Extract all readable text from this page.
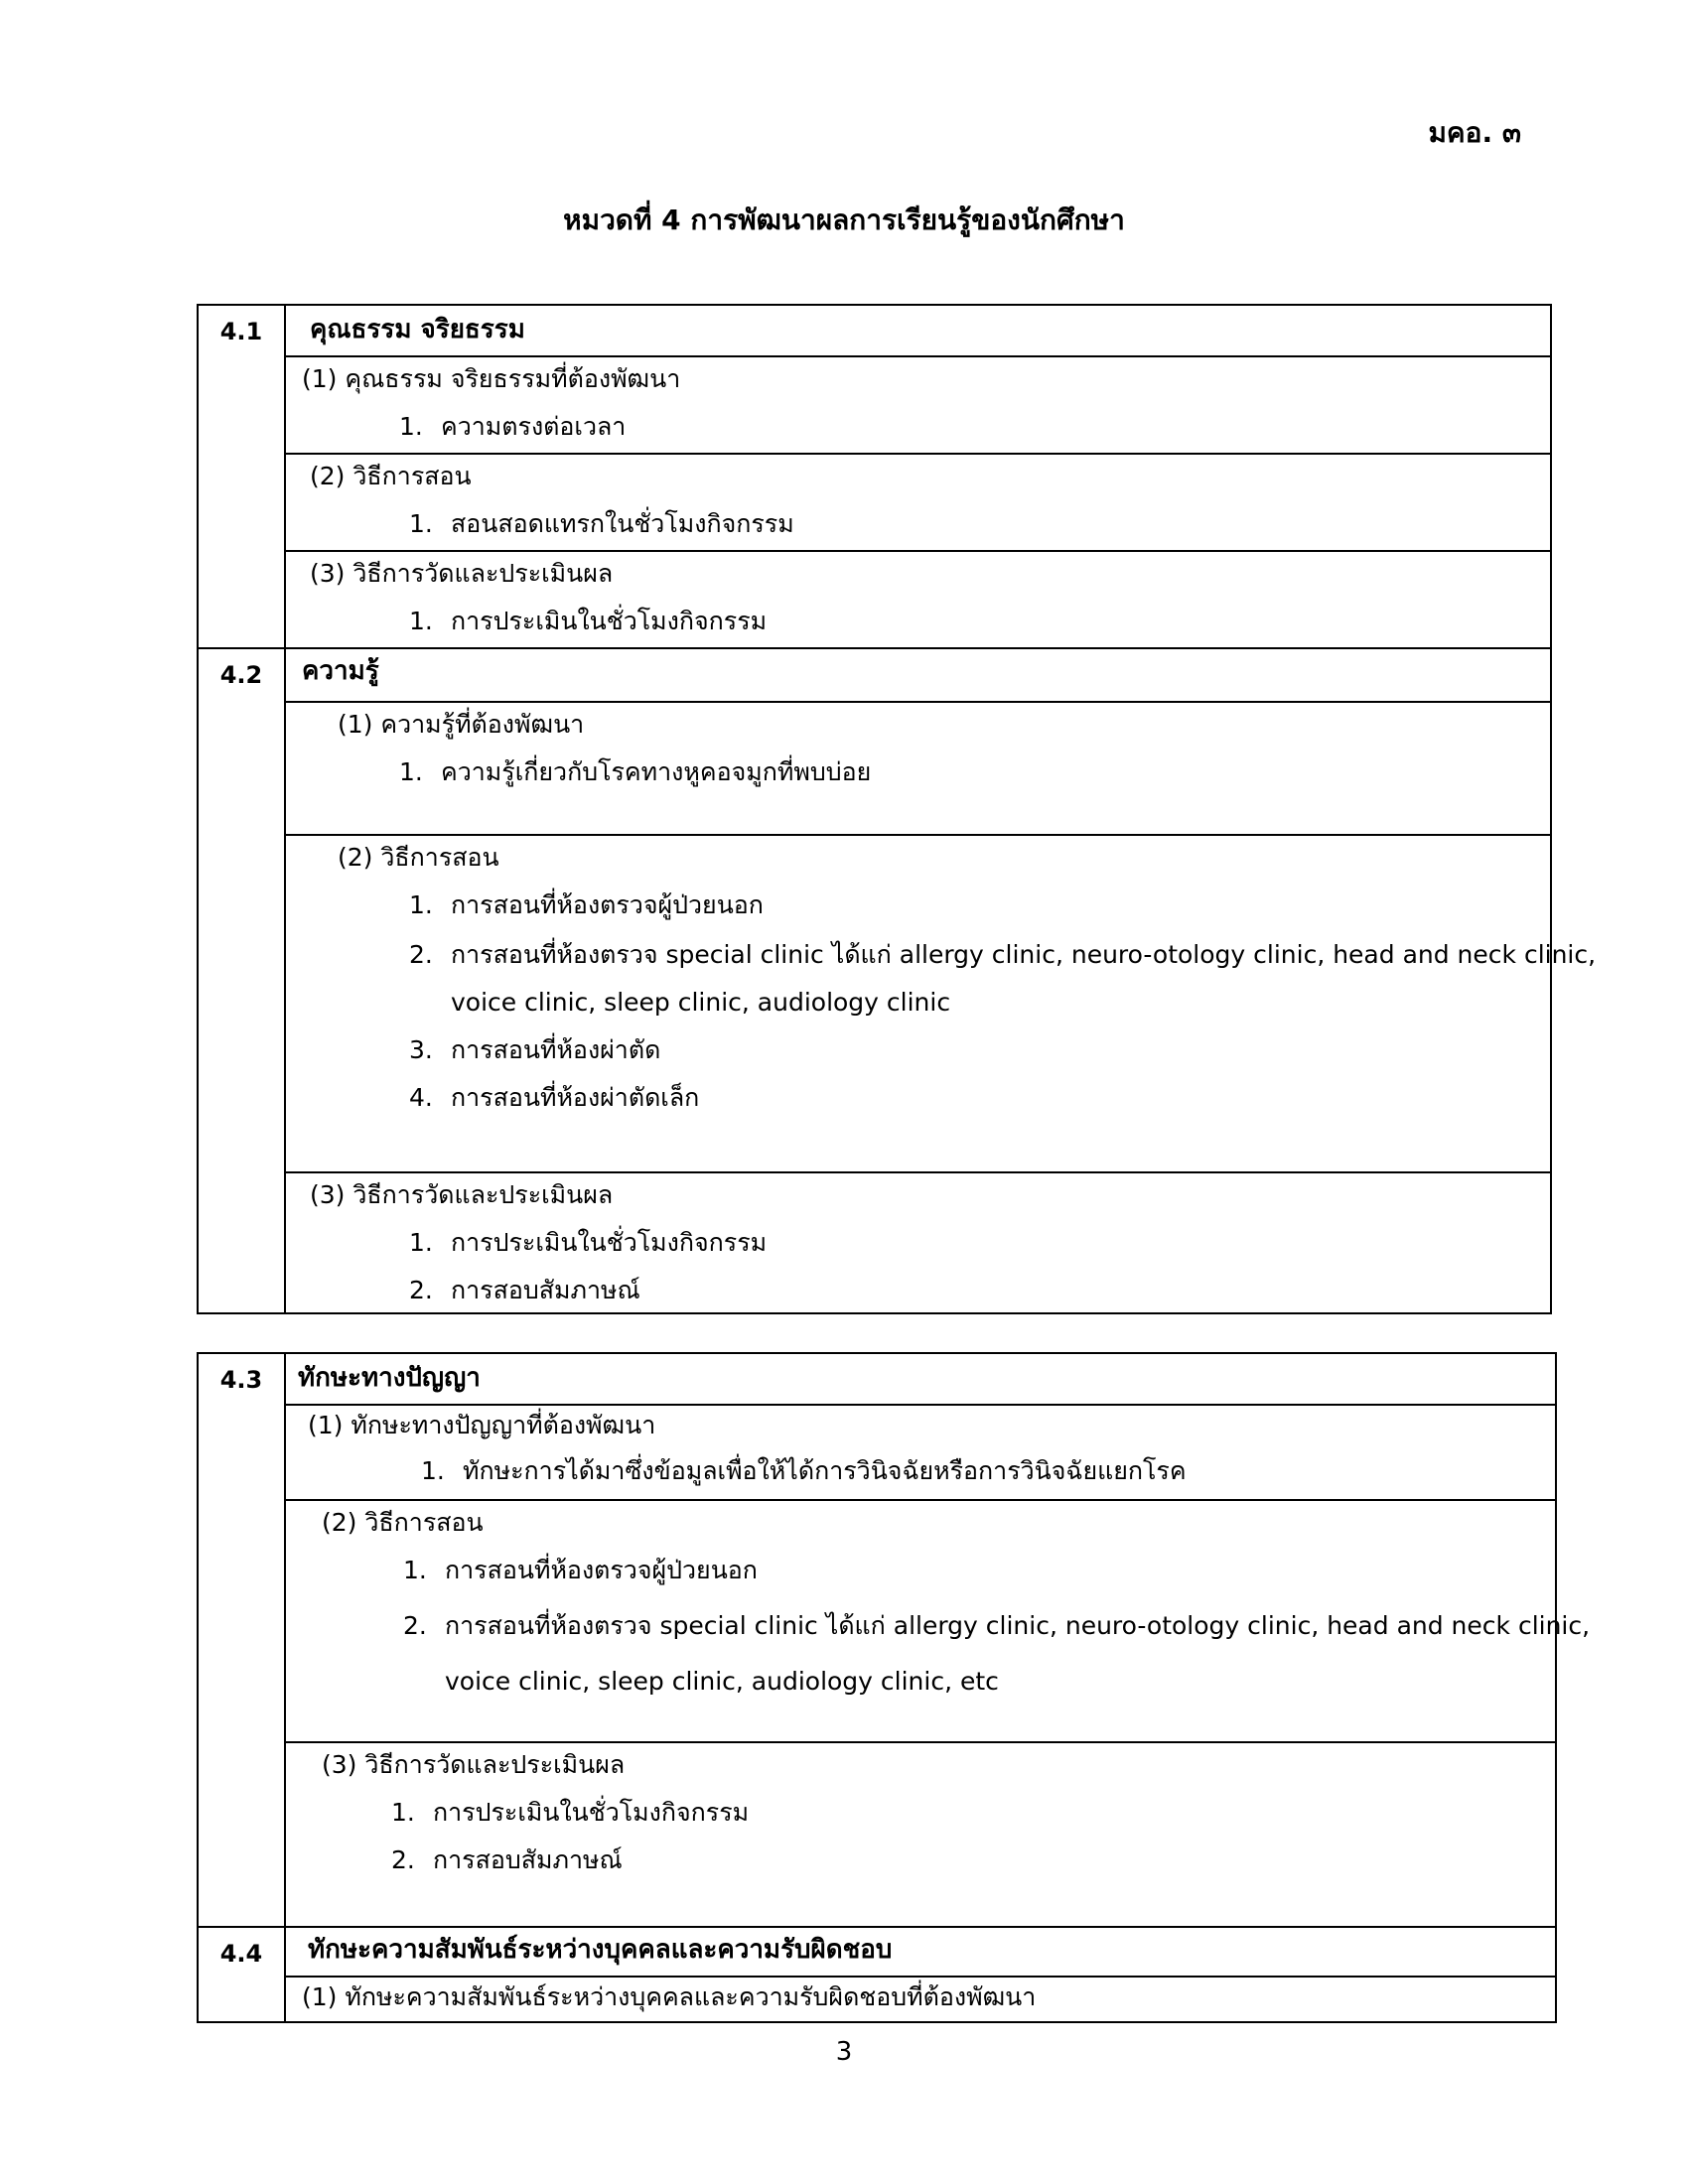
มคอ. ๓
หมวดที่ 4 การพัฒนาผลการเรียนรู้ของนักศึกษา
4.1	คุณธรรม จริยธรรม
(1) คุณธรรม จริยธรรมที่ต้องพัฒนา
1. ความตรงต่อเวลา
(2) วิธีการสอน
1. สอนสอดแทรกในชั่วโมงกิจกรรม
(3) วิธีการวัดและประเมินผล
1. การประเมินในชั่วโมงกิจกรรม
4.2	ความรู้
(1) ความรู้ที่ต้องพัฒนา
1. ความรู้เกี่ยวกับโรคทางหูคอจมูกที่พบบ่อย
(2) วิธีการสอน
1. การสอนที่ห้องตรวจผู้ป่วยนอก
2. การสอนที่ห้องตรวจ special clinic ได้แก่ allergy clinic, neuro-otology clinic, head and neck clinic,
voice clinic, sleep clinic, audiology clinic
3. การสอนที่ห้องผ่าตัด
4. การสอนที่ห้องผ่าตัดเล็ก
(3) วิธีการวัดและประเมินผล
1. การประเมินในชั่วโมงกิจกรรม
2. การสอบสัมภาษณ์
4.3	ทักษะทางปัญญา
(1) ทักษะทางปัญญาที่ต้องพัฒนา
1. ทักษะการได้มาซึ่งข้อมูลเพื่อให้ได้การวินิจฉัยหรือการวินิจฉัยแยกโรค
(2) วิธีการสอน
1. การสอนที่ห้องตรวจผู้ป่วยนอก
2. การสอนที่ห้องตรวจ special clinic ได้แก่ allergy clinic, neuro-otology clinic, head and neck clinic,
voice clinic, sleep clinic, audiology clinic, etc
(3) วิธีการวัดและประเมินผล
1. การประเมินในชั่วโมงกิจกรรม
2. การสอบสัมภาษณ์
4.4	ทักษะความสัมพันธ์ระหว่างบุคคลและความรับผิดชอบ
(1) ทักษะความสัมพันธ์ระหว่างบุคคลและความรับผิดชอบที่ต้องพัฒนา
3
